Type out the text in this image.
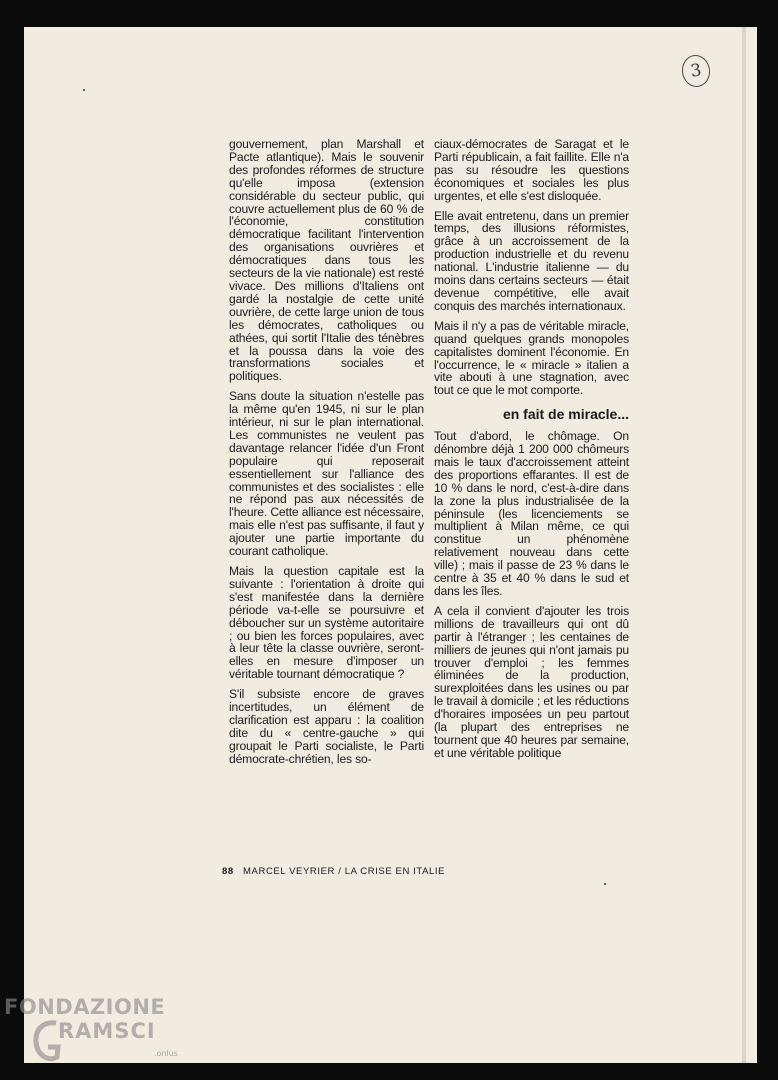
3

gouvernement, plan Marshall et Pacte atlantique). Mais le souvenir des profondes réformes de structure qu'elle imposa (extension considérable du secteur public, qui couvre actuellement plus de 60 % de l'économie, constitution démocratique facilitant l'intervention des organisations ouvrières et démocratiques dans tous les secteurs de la vie nationale) est resté vivace. Des millions d'Italiens ont gardé la nostalgie de cette unité ouvrière, de cette large union de tous les démocrates, catholiques ou athées, qui sortit l'Italie des ténèbres et la poussa dans la voie des transformations sociales et politiques.

Sans doute la situation n'estelle pas la même qu'en 1945, ni sur le plan intérieur, ni sur le plan international. Les communistes ne veulent pas davantage relancer l'idée d'un Front populaire qui reposerait essentiellement sur l'alliance des communistes et des socialistes : elle ne répond pas aux nécessités de l'heure. Cette alliance est nécessaire, mais elle n'est pas suffisante, il faut y ajouter une partie importante du courant catholique.

Mais la question capitale est la suivante : l'orientation à droite qui s'est manifestée dans la dernière période va-t-elle se poursuivre et déboucher sur un système autoritaire ; ou bien les forces populaires, avec à leur tête la classe ouvrière, seront-elles en mesure d'imposer un véritable tournant démocratique ?

S'il subsiste encore de graves incertitudes, un élément de clarification est apparu : la coalition dite du « centre-gauche » qui groupait le Parti socialiste, le Parti démocrate-chrétien, les so-

ciaux-démocrates de Saragat et le Parti républicain, a fait faillite. Elle n'a pas su résoudre les questions économiques et sociales les plus urgentes, et elle s'est disloquée.

Elle avait entretenu, dans un premier temps, des illusions réformistes, grâce à un accroissement de la production industrielle et du revenu national. L'industrie italienne — du moins dans certains secteurs — était devenue compétitive, elle avait conquis des marchés internationaux.

Mais il n'y a pas de véritable miracle, quand quelques grands monopoles capitalistes dominent l'économie. En l'occurrence, le « miracle » italien a vite abouti à une stagnation, avec tout ce que le mot comporte.

en fait de miracle...

Tout d'abord, le chômage. On dénombre déjà 1 200 000 chômeurs mais le taux d'accroissement atteint des proportions effarantes. Il est de 10 % dans le nord, c'est-à-dire dans la zone la plus industrialisée de la péninsule (les licenciements se multiplient à Milan même, ce qui constitue un phénomène relativement nouveau dans cette ville) ; mais il passe de 23 % dans le centre à 35 et 40 % dans le sud et dans les îles.

A cela il convient d'ajouter les trois millions de travailleurs qui ont dû partir à l'étranger ; les centaines de milliers de jeunes qui n'ont jamais pu trouver d'emploi ; les femmes éliminées de la production, surexploitées dans les usines ou par le travail à domicile ; et les réductions d'horaires imposées un peu partout (la plupart des entreprises ne tournent que 40 heures par semaine, et une véritable politique

88 MARCEL VEYRIER / LA CRISE EN ITALIE
FONDAZIONE
RAMSCI
.onlus
